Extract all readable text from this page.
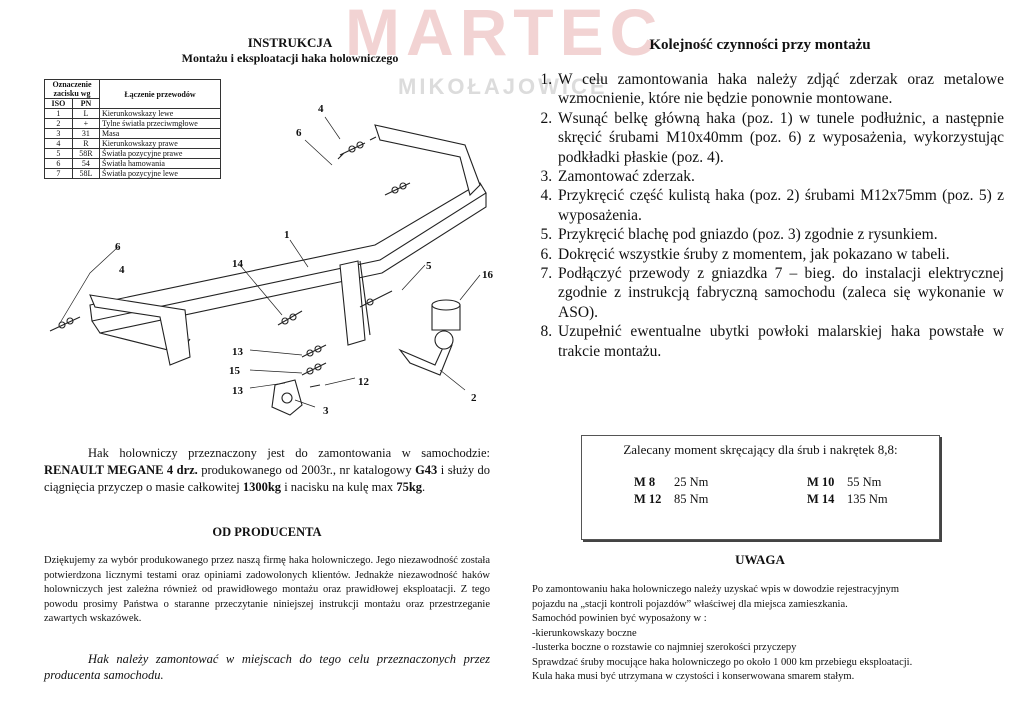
MARTEC
MIKOŁAJOWICE
INSTRUKCJA
Montażu i eksploatacji haka holowniczego
Oznaczenie zacisku wg		Łączenie przewodów
ISO	PN	
1	L	Kierunkowskazy lewe
2	+	Tylne światła przeciwmgłowe
3	31	Masa
4	R	Kierunkowskazy prawe
5	58R	Światła pozycyjne prawe
6	54	Światła hamowania
7	58L	Światła pozycyjne lewe
4
6
1
6
4	14	5
16
13
15
13
12
3
2
Hak holowniczy przeznaczony jest do zamontowania w samochodzie: RENAULT MEGANE 4 drz. produkowanego od 2003r., nr katalogowy G43 i służy do ciągnięcia przyczep o masie całkowitej 1300kg i nacisku na kulę max 75kg.
OD PRODUCENTA
Dziękujemy za wybór produkowanego przez naszą firmę haka holowniczego. Jego niezawodność została potwierdzona licznymi testami oraz opiniami zadowolonych klientów. Jednakże niezawodność haków holowniczych jest zależna również od prawidłowego montażu oraz prawidłowej eksploatacji. Z tego powodu prosimy Państwa o staranne przeczytanie niniejszej instrukcji montażu oraz przestrzeganie zawartych wskazówek.
Hak należy zamontować w miejscach do tego celu przeznaczonych przez producenta samochodu.
Kolejność czynności przy montażu
1. W celu zamontowania haka należy zdjąć zderzak oraz metalowe wzmocnienie, które nie będzie ponownie montowane.
2. Wsunąć belkę główną haka (poz. 1) w tunele podłużnic, a następnie skręcić śrubami M10x40mm (poz. 6) z wyposażenia, wykorzystując podkładki płaskie (poz. 4).
3. Zamontować zderzak.
4. Przykręcić część kulistą haka (poz. 2) śrubami M12x75mm (poz. 5) z wyposażenia.
5. Przykręcić blachę pod gniazdo (poz. 3) zgodnie z rysunkiem.
6. Dokręcić wszystkie śruby z momentem, jak pokazano w tabeli.
7. Podłączyć przewody z gniazdka 7 – bieg. do instalacji elektrycznej zgodnie z instrukcją fabryczną samochodu (zaleca się wykonanie w ASO).
8. Uzupełnić ewentualne ubytki powłoki malarskiej haka powstałe w trakcie montażu.
Zalecany moment skręcający dla śrub i nakrętek 8,8:
M 8 25 Nm	M 10 55 Nm
M 12 85 Nm	M 14 135 Nm
UWAGA
Po zamontowaniu haka holowniczego należy uzyskać wpis w dowodzie rejestracyjnym
pojazdu na „stacji kontroli pojazdów” właściwej dla miejsca zamieszkania.
Samochód powinien być wyposażony w :
-kierunkowskazy boczne
-lusterka boczne o rozstawie co najmniej szerokości przyczepy
Sprawdzać śruby mocujące haka holowniczego po około 1 000 km przebiegu eksploatacji.
Kula haka musi być utrzymana w czystości i konserwowana smarem stałym.
